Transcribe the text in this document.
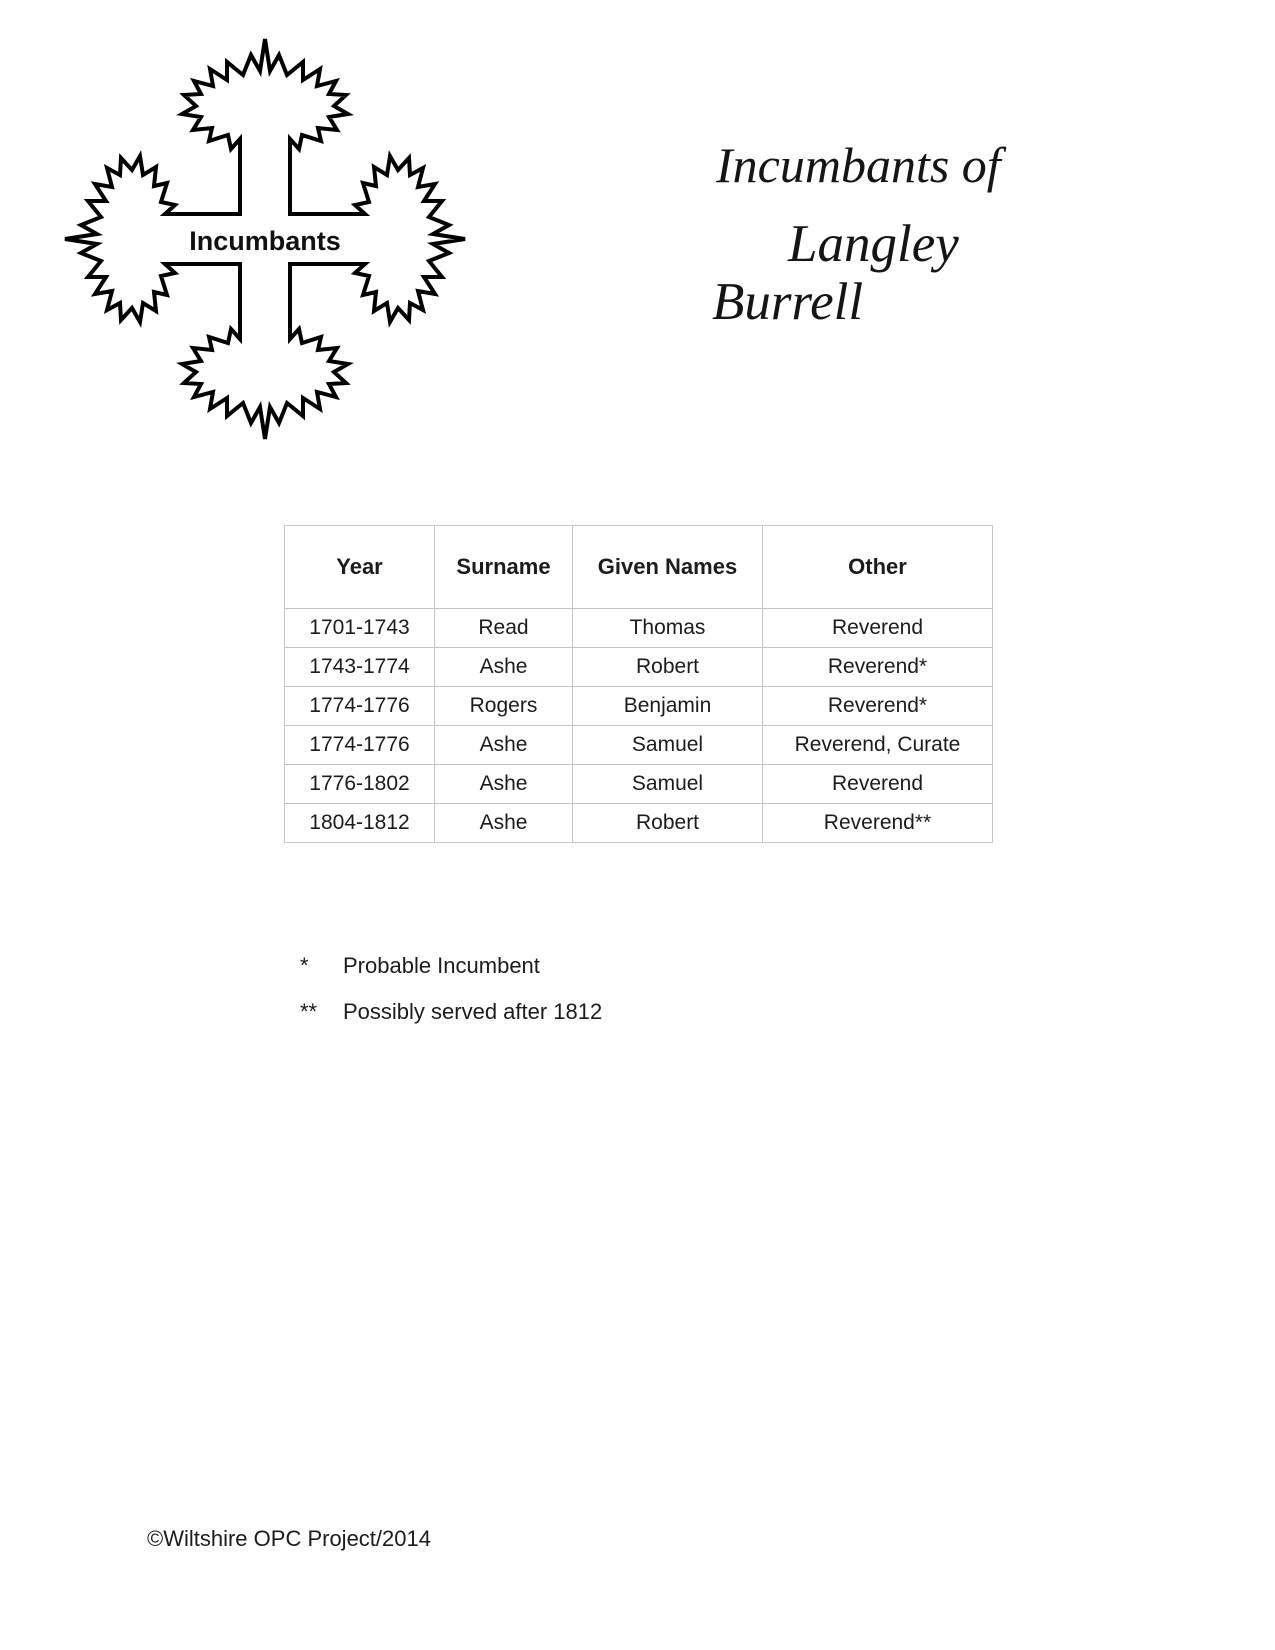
Incumbants
Incumbants of
Langley
Burrell
Year	Surname	Given Names	Other
1701-1743	Read	Thomas	Reverend
1743-1774	Ashe	Robert	Reverend*
1774-1776	Rogers	Benjamin	Reverend*
1774-1776	Ashe	Samuel	Reverend, Curate
1776-1802	Ashe	Samuel	Reverend
1804-1812	Ashe	Robert	Reverend**
* Probable Incumbent
** Possibly served after 1812
©Wiltshire OPC Project/2014
